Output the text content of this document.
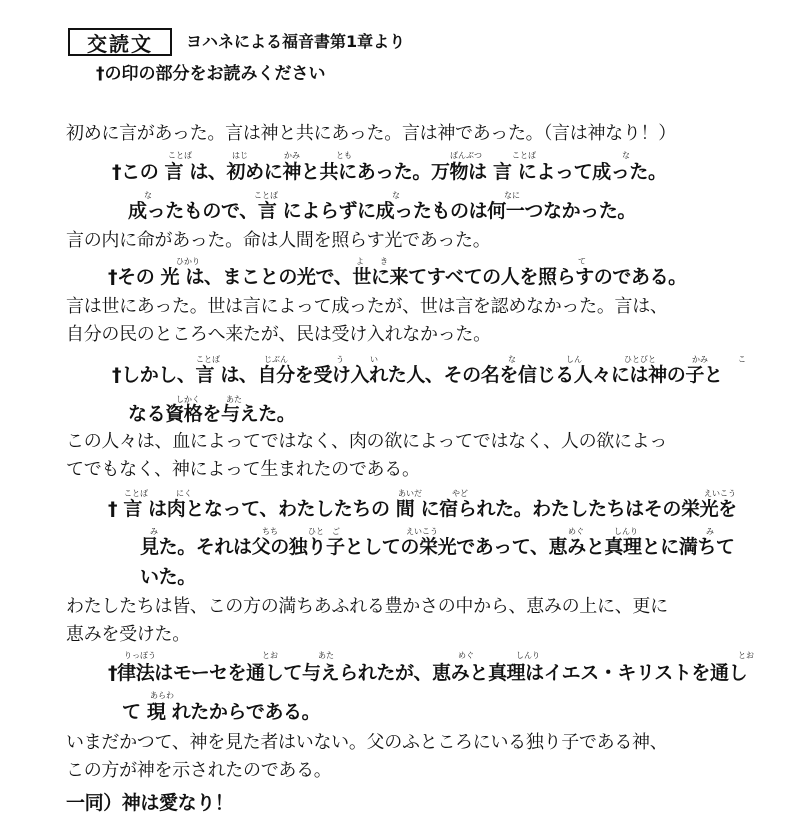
交読文	ヨハネによる福音書第1章より
†の印の部分をお読みください
ことば	はじ	かみ	とも	ばんぶつ	ことば	な
な	ことば	な	なに
ひかり	よ き	て
ことば	じぶん	う	い	な	しん	ひとびと	かみ	こ
しかく	あた
ことば	にく	あいだ	やど	えいこう
み	ちち	ひと ご	えいこう	めぐ	しんり	み
りっぽう	とお	あた	めぐ	しんり	とお
あらわ
初めに言があった。言は神と共にあった。言は神であった。（言は神なり！）
†この 言 は、初めに神と共にあった。万物は 言 によって成った。
成ったもので、言 によらずに成ったものは何一つなかった。
言の内に命があった。命は人間を照らす光であった。
†その 光 は、まことの光で、世に来てすべての人を照らすのである。
言は世にあった。世は言によって成ったが、世は言を認めなかった。言は、
自分の民のところへ来たが、民は受け入れなかった。
†しかし、言 は、自分を受け入れた人、その名を信じる人々には神の子と
なる資格を与えた。
この人々は、血によってではなく、肉の欲によってではなく、人の欲によっ
てでもなく、神によって生まれたのである。
† 言 は肉となって、わたしたちの 間 に宿られた。わたしたちはその栄光を
見た。それは父の独り子としての栄光であって、恵みと真理とに満ちて
いた。
わたしたちは皆、この方の満ちあふれる豊かさの中から、恵みの上に、更に
恵みを受けた。
†律法はモーセを通して与えられたが、恵みと真理はイエス・キリストを通し
て 現 れたからである。
いまだかつて、神を見た者はいない。父のふところにいる独り子である神、
この方が神を示されたのである。
一同）神は愛なり！
